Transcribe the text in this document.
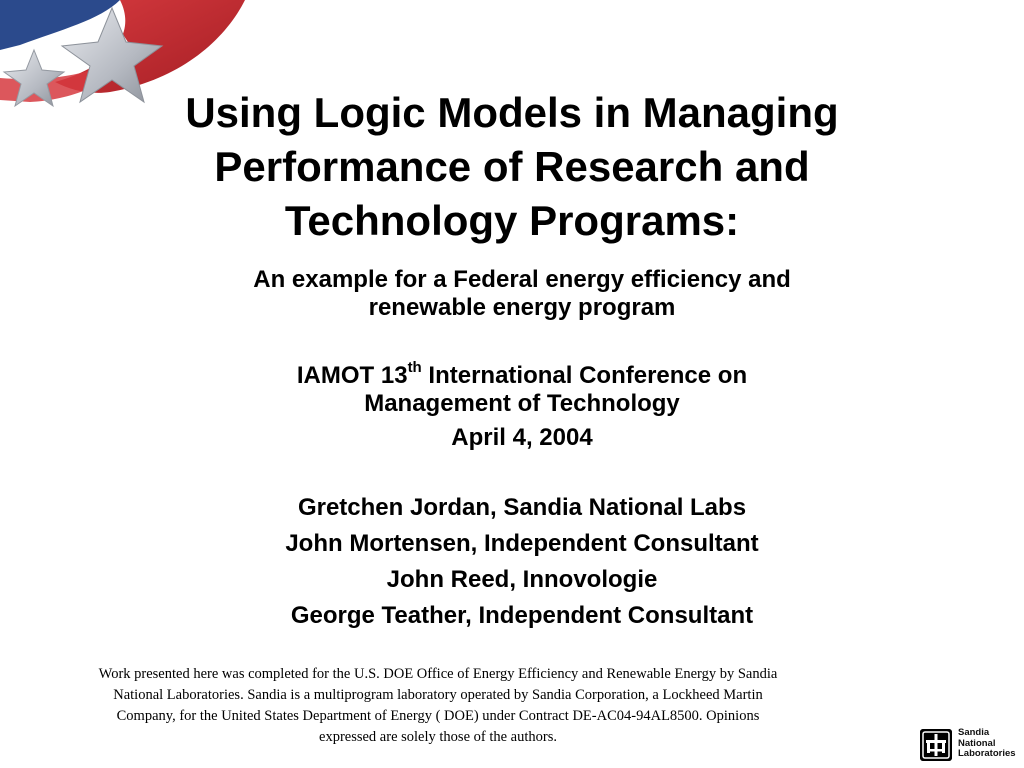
Using Logic Models in Managing
Performance of Research and
Technology Programs:
An example for a Federal energy efficiency and
renewable energy program
IAMOT 13th International Conference on
Management of Technology
April 4, 2004
Gretchen Jordan, Sandia National Labs
John Mortensen, Independent Consultant
John Reed, Innovologie
George Teather, Independent Consultant
Work presented here was completed for the U.S. DOE Office of Energy Efficiency and Renewable Energy by Sandia
National Laboratories. Sandia is a multiprogram laboratory operated by Sandia Corporation, a Lockheed Martin
Company, for the United States Department of Energy ( DOE) under Contract DE-AC04-94AL8500. Opinions
expressed are solely those of the authors.	Sandia
National
Laboratories
